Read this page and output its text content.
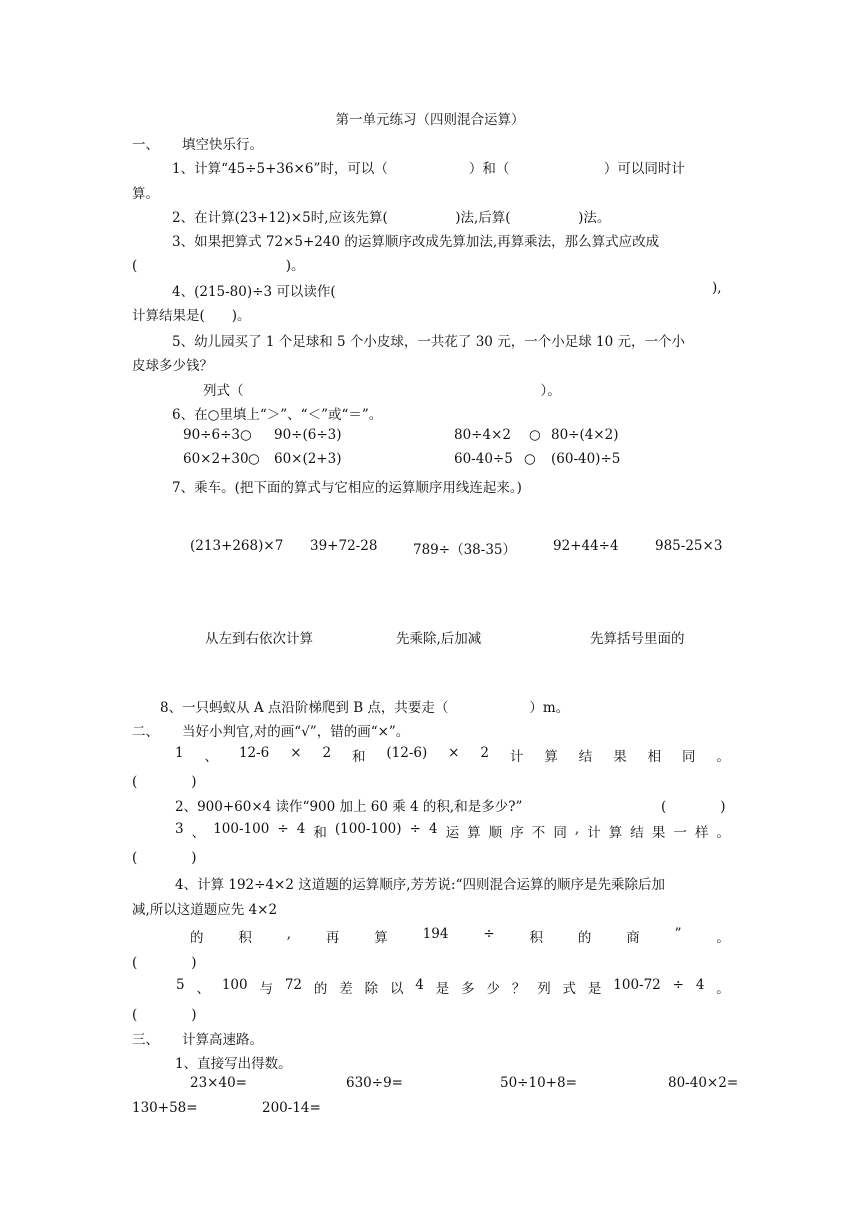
第一单元练习（四则混合运算）
一、 填空快乐行。
1、计算“45÷5+36×6”时，可以（　　　　　　）和（　　　　　　　）可以同时计
算。
2、在计算(23+12)×5时,应该先算(　　　　　)法,后算(　　　　　)法。
3、如果把算式 72×5+240 的运算顺序改成先算加法,再算乘法，那么算式应改成
(　　　　　　　　　　　)。
4、(215-80)÷3 可以读作(	),
计算结果是(　　)。
5、幼儿园买了 1 个足球和 5 个小皮球，一共花了 30 元，一个小足球 10 元，一个小
皮球多少钱？
列式（　　　　　　　　　　　　　　　　　　　　　　）。
6、在○里填上“＞”、“＜”或“＝”。
90÷6÷3 ○ 90÷(6÷3)	80÷4×2 ○ 80÷(4×2)
60×2+30 ○ 60×(2+3)	60-40÷5 ○ (60-40)÷5
7、乘车。(把下面的算式与它相应的运算顺序用线连起来。)
(213+268)×7 39+72-28	789÷（38-35）	92+44÷4	985-25×3
从左到右依次计算	先乘除,后加减	先算括号里面的
8、一只蚂蚁从 A 点沿阶梯爬到 B 点，共要走（　　　　　　）m。
二、 当好小判官,对的画“√”，错的画“×”。
1 、 12-6 × 2 和 (12-6) × 2 计 算 结 果 相 同 。
(　　　　)
2、900+60×4 读作“900 加上 60 乘 4 的积,和是多少?”	(　　　　)
3 、 100-100 ÷ 4 和 (100-100) ÷ 4 运 算 顺 序 不 同 , 计 算 结 果 一 样 。
(　　　　)
4、计算 192÷4×2 这道题的运算顺序,芳芳说:“四则混合运算的顺序是先乘除后加
减,所以这道题应先 4×2
的	积	,	再	算	194	÷	积	的	商	”	。
(　　　　)
5 、 100 与 72 的 差 除 以 4 是 多 少 ？ 列 式 是 100-72 ÷ 4 。
(　　　　)
三、 计算高速路。
1、直接写出得数。
23×40=	630÷9=	50÷10+8=	80-40×2=
130+58=	200-14=
